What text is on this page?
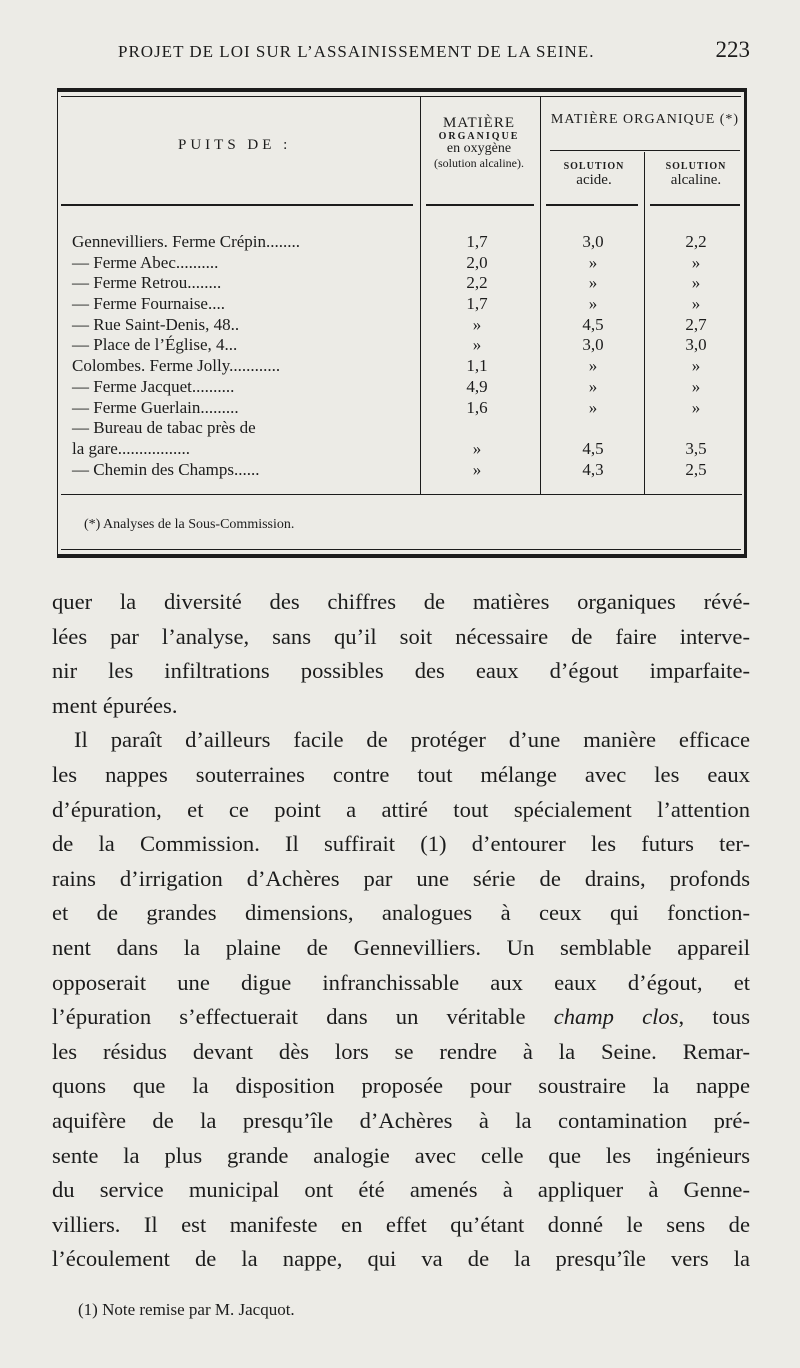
PROJET DE LOI SUR L’ASSAINISSEMENT DE LA SEINE.	223
PUITS DE :
MATIÈRE
ORGANIQUE
en oxygène
(solution alcaline).
MATIÈRE ORGANIQUE (*)
SOLUTION
acide.
SOLUTION
alcaline.
Gennevilliers. Ferme Crépin........	1,7	3,0	2,2
— Ferme Abec..........	2,0	»	»
— Ferme Retrou........	2,2	»	»
— Ferme Fournaise....	1,7	»	»
— Rue Saint-Denis, 48..	»	4,5	2,7
— Place de l’Église, 4...	»	3,0	3,0
Colombes. Ferme Jolly............	1,1	»	»
— Ferme Jacquet..........	4,9	»	»
— Ferme Guerlain.........	1,6	»	»
— Bureau de tabac près de
la gare.................	»	4,5	3,5
— Chemin des Champs......	»	4,3	2,5
(*) Analyses de la Sous-Commission.

quer la diversité des chiffres de matières organiques révé-

lées par l’analyse, sans qu’il soit nécessaire de faire interve-

nir les infiltrations possibles des eaux d’égout imparfaite-

ment épurées.

Il paraît d’ailleurs facile de protéger d’une manière efficace

les nappes souterraines contre tout mélange avec les eaux

d’épuration, et ce point a attiré tout spécialement l’attention

de la Commission. Il suffirait (1) d’entourer les futurs ter-

rains d’irrigation d’Achères par une série de drains, profonds

et de grandes dimensions, analogues à ceux qui fonction-

nent dans la plaine de Gennevilliers. Un semblable appareil

opposerait une digue infranchissable aux eaux d’égout, et

l’épuration s’effectuerait dans un véritable champ clos, tous

les résidus devant dès lors se rendre à la Seine. Remar-

quons que la disposition proposée pour soustraire la nappe

aquifère de la presqu’île d’Achères à la contamination pré-

sente la plus grande analogie avec celle que les ingénieurs

du service municipal ont été amenés à appliquer à Genne-

villiers. Il est manifeste en effet qu’étant donné le sens de

l’écoulement de la nappe, qui va de la presqu’île vers la

(1) Note remise par M. Jacquot.
